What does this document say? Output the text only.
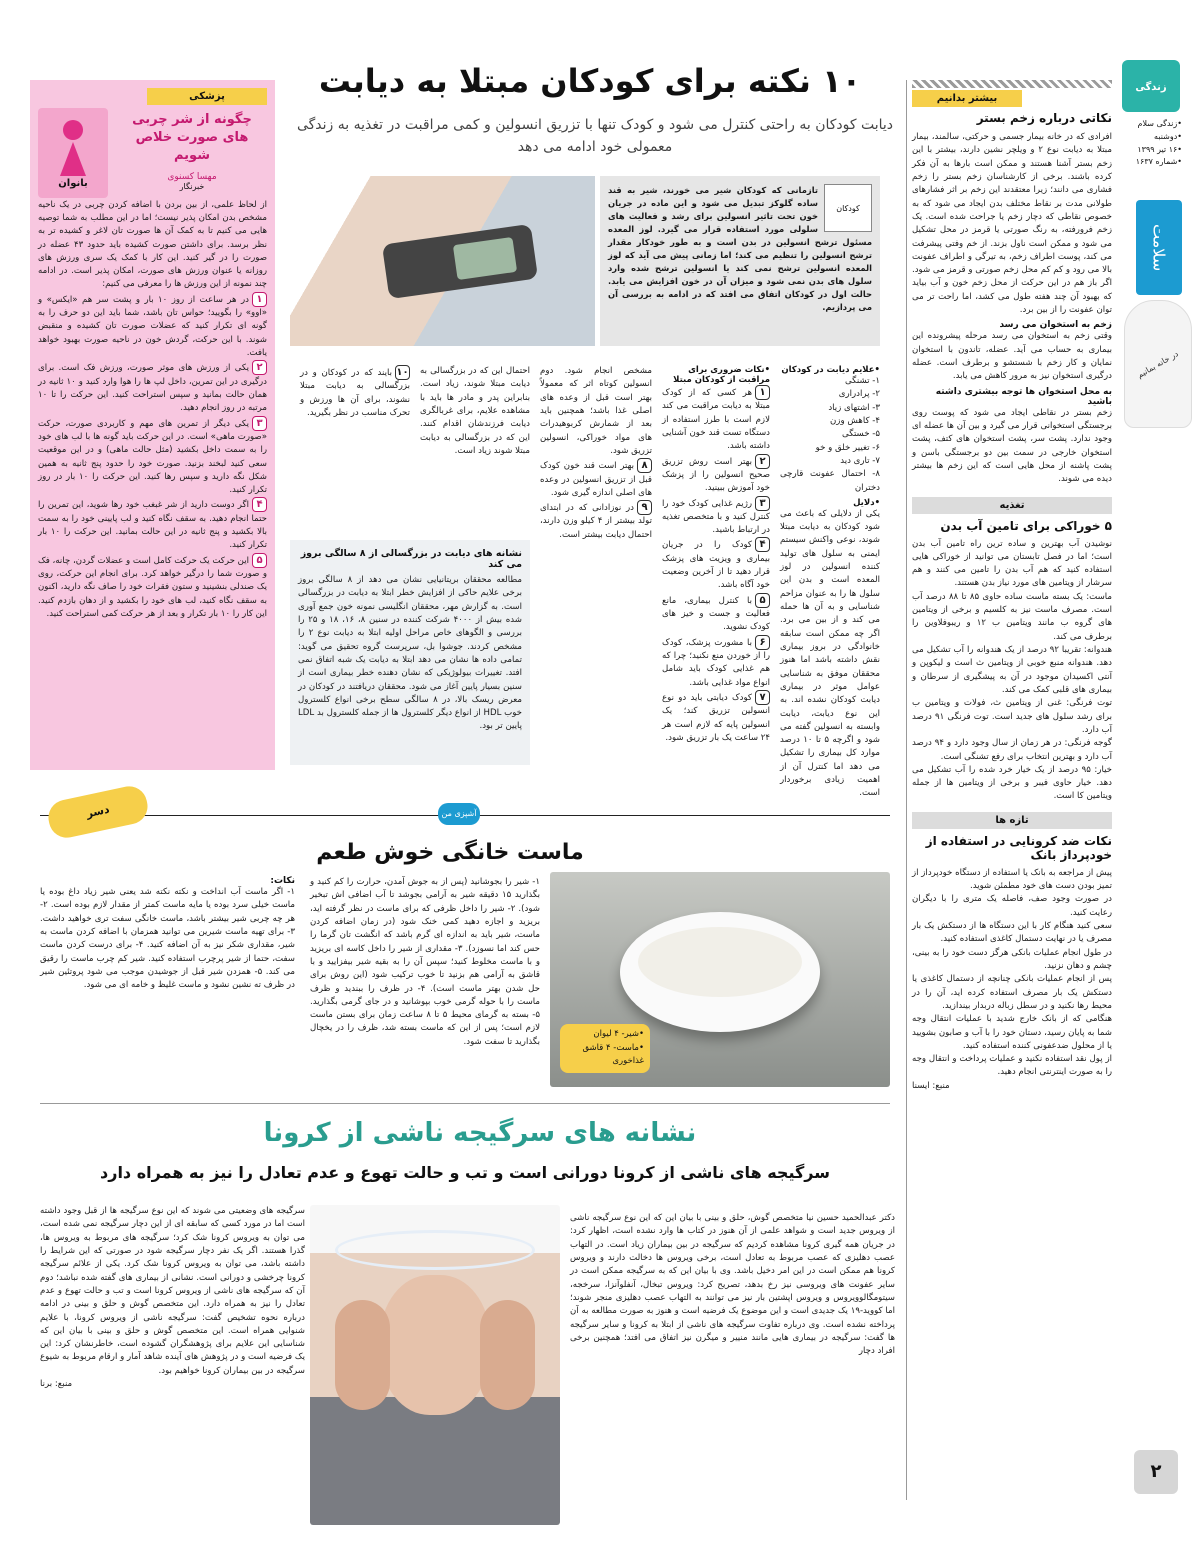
زندگی سلام
•زندگی سلام
•دوشنبه
•۱۶ تیر ۱۳۹۹
•شماره ۱۶۳۷
سلامت
در خانه بمانیم
۲
بیشتر بدانیم
نکاتی درباره زخم بستر
افرادی که در خانه بیمار جسمی و حرکتی، سالمند، بیمار مبتلا به دیابت نوع ۲ و ویلچر نشین دارند، بیشتر با این زخم بستر آشنا هستند و ممکن است بارها به آن فکر کرده باشند. برخی از کارشناسان زخم بستر را زخم فشاری می دانند؛ زیرا معتقدند این زخم بر اثر فشارهای طولانی مدت بر نقاط مختلف بدن ایجاد می شود که به خصوص نقاطی که دچار زخم یا جراحت شده است. یک زخم فرورفته، به رنگ صورتی یا قرمز در محل تشکیل می شود و ممکن است ناول بزند. از خم وفتی پیشرفت می کند، پوست اطراف زخم، به تیرگی و اطراف عفونت بالا می رود و کم کم محل زخم صورتی و قرمز می شود. اگر باز هم در این حرکت از محل زخم خون و آب بیاید که بهبود آن چند هفته طول می کشد، اما راحت تر می توان عفونت را از بین برد.
زخم به استخوان می رسد
وقتی زخم به استخوان می رسد مرحله پیشرونده این بیماری به حساب می آید. عضله، تاندون با استخوان نمایان و کار زخم با شستشو و برطرف است. عضله درگیری استخوان نیز به مرور کاهش می یابد.
به محل استخوان ها توجه بیشتری داشته باشید
زخم بستر در نقاطی ایجاد می شود که پوست روی برجستگی استخوانی قرار می گیرد و بین آن ها عضله ای وجود ندارد. پشت سر، پشت استخوان های کتف، پشت استخوان خارجی در سمت بین دو برجستگی باسن و پشت پاشنه از محل هایی است که این زخم ها بیشتر دیده می شوند.
تغذیه
۵ خوراکی برای تامین آب بدن
نوشیدن آب بهترین و ساده ترین راه تامین آب بدن است؛ اما در فصل تابستان می توانید از خوراکی هایی استفاده کنید که هم آب بدن را تامین می کنند و هم سرشار از ویتامین های مورد نیاز بدن هستند.
ماست: یک بسته ماست ساده حاوی ۸۵ تا ۸۸ درصد آب است. مصرف ماست نیز به کلسیم و برخی از ویتامین های گروه ب مانند ویتامین ب ۱۲ و ریبوفلاوین را برطرف می کند.
هندوانه: تقریبا ۹۲ درصد از یک هندوانه را آب تشکیل می دهد. هندوانه منبع خوبی از ویتامین ث است و لیکوپن و آنتی اکسیدان موجود در آن به پیشگیری از سرطان و بیماری های قلبی کمک می کند.
توت فرنگی: غنی از ویتامین ث، فولات و ویتامین ب برای رشد سلول های جدید است. توت فرنگی ۹۱ درصد آب دارد.
گوجه فرنگی: در هر زمان از سال وجود دارد و ۹۴ درصد آب دارد و بهترین انتخاب برای رفع تشنگی است.
خیار: ۹۵ درصد از یک خیار خرد شده را آب تشکیل می دهد. خیار حاوی فیبر و برخی از ویتامین ها از جمله ویتامین کا است.
تازه ها
نکات ضد کرونایی در استفاده از خودپرداز بانک
پیش از مراجعه به بانک یا استفاده از دستگاه خودپرداز از تمیز بودن دست های خود مطمئن شوید.
در صورت وجود صف، فاصله یک متری را با دیگران رعایت کنید.
سعی کنید هنگام کار با این دستگاه ها از دستکش یک بار مصرف یا در نهایت دستمال کاغذی استفاده کنید.
در طول انجام عملیات بانکی هرگز دست خود را به بینی، چشم و دهان نزنید.
پس از انجام عملیات بانکی چنانچه از دستمال کاغذی یا دستکش یک بار مصرف استفاده کرده اید، آن را در محیط رها نکنید و در سطل زباله دربدار بیندازید.
هنگامی که از بانک خارج شدید با عملیات انتقال وجه شما به پایان رسید، دستان خود را با آب و صابون بشویید یا از محلول ضدعفونی کننده استفاده کنید.
از پول نقد استفاده نکنید و عملیات پرداخت و انتقال وجه را به صورت اینترنتی انجام دهید.
منبع: ایسنا
۱۰ نکته برای کودکان مبتلا به دیابت
دیابت کودکان به راحتی کنترل می شود و کودک تنها با تزریق انسولین و کمی مراقبت در تغذیه به زندگی معمولی خود ادامه می دهد
کودکان
تازمانی که کودکان شیر می خورند، شیر به قند ساده گلوکز تبدیل می شود و این ماده در جریان خون تحت تاثیر انسولین برای رشد و فعالیت های سلولی مورد استفاده قرار می گیرد. لوز المعده مسئول ترشح انسولین در بدن است و به طور خودکار مقدار ترشح انسولین را تنظیم می کند؛ اما زمانی پیش می آید که لوز المعده انسولین ترشح نمی کند یا انسولین ترشح شده وارد سلول های بدن نمی شود و میزان آن در خون افزایش می یابد. حالت اول در کودکان اتفاق می افتد که در ادامه به بررسی آن می پردازیم.
•علایم دیابت در کودکان
۱- تشنگی
۲- پرادراری
۳- اشتهای زیاد
۴- کاهش وزن
۵- خستگی
۶- تغییر خلق و خو
۷- تاری دید
۸- احتمال عفونت قارچی دختران
•دلایل
یکی از دلایلی که باعث می شود کودکان به دیابت مبتلا شوند، نوعی واکنش سیستم ایمنی به سلول های تولید کننده انسولین در لوز المعده است و بدن این سلول ها را به عنوان مزاحم شناسایی و به آن ها حمله می کند و از بین می برد. اگر چه ممکن است سابقه خانوادگی در بروز بیماری نقش داشته باشد اما هنوز محققان موفق به شناسایی عوامل موثر در بیماری دیابت کودکان نشده اند. به این نوع دیابت، دیابت وابسته به انسولین گفته می شود و اگرچه ۵ تا ۱۰ درصد موارد کل بیماری را تشکیل می دهد اما کنترل آن از اهمیت زیادی برخوردار است.
•نکات ضروری برای مراقبت از کودکان مبتلا
۱هر کسی که از کودک مبتلا به دیابت مراقبت می کند لازم است با طرز استفاده از دستگاه تست قند خون آشنایی داشته باشد.
۲بهتر است روش تزریق صحیح انسولین را از پزشک خود آموزش ببینید.
۳رژیم غذایی کودک خود را کنترل کنید و با متخصص تغذیه در ارتباط باشید.
۴کودک را در جریان بیماری و ویزیت های پزشک قرار دهید تا از آخرین وضعیت خود آگاه باشد.
۵با کنترل بیماری، مانع فعالیت و جست و خیز های کودک نشوید.
۶با مشورت پزشک، کودک را از خوردن منع نکنید؛ چرا که هم غذایی کودک باید شامل انواع مواد غذایی باشد.
۷کودک دیابتی باید دو نوع انسولین تزریق کند؛ یک انسولین پایه که لازم است هر ۲۴ ساعت یک بار تزریق شود.
مشخص انجام شود. دوم انسولین کوتاه اثر که معمولاً بهتر است قبل از وعده های اصلی غذا باشد؛ همچنین باید بعد از شمارش کربوهیدرات های مواد خوراکی، انسولین تزریق شود.
۸بهتر است قند خون کودک قبل از تزریق انسولین در وعده های اصلی اندازه گیری شود.
۹در نوزادانی که در ابتدای تولد بیشتر از ۴ کیلو وزن دارند، احتمال دیابت بیشتر است.
احتمال این که در بزرگسالی به دیابت مبتلا شوند، زیاد است. بنابراین پدر و مادر ها باید با مشاهده علایم، برای غربالگری دیابت فرزندشان اقدام کنند. این که در بزرگسالی به دیابت مبتلا شوند زیاد است.
۱۰بایند که در کودکان و در بزرگسالی به دیابت مبتلا نشوند، برای آن ها ورزش و تحرک مناسب در نظر بگیرید.
نشانه های دیابت در بزرگسالی از ۸ سالگی بروز می کند
مطالعه محققان بریتانیایی نشان می دهد از ۸ سالگی بروز برخی علایم حاکی از افزایش خطر ابتلا به دیابت در بزرگسالی است. به گزارش مهر، محققان انگلیسی نمونه خون جمع آوری شده بیش از ۴۰۰۰ شرکت کننده در سنین ۸، ۱۶، ۱۸ و ۲۵ را بررسی و الگوهای خاص مراحل اولیه ابتلا به دیابت نوع ۲ را مشخص کردند. جوشوا بل، سرپرست گروه تحقیق می گوید: تمامی داده ها نشان می دهد ابتلا به دیابت یک شبه اتفاق نمی افتد. تغییرات بیولوژیکی که نشان دهنده خطر بیماری است از سنین بسیار پایین آغاز می شود. محققان دریافتند در کودکان در معرض ریسک بالا، در ۸ سالگی سطح برخی انواع کلسترول خوب HDL از انواع دیگر کلسترول ها از جمله کلسترول بد LDL پایین تر بود.
پزشکی
بانوان
چگونه از شر چربی های صورت خلاص شویم
مهسا کسنوی
خبرنگار
از لحاظ علمی، از بین بردن با اضافه کردن چربی در یک ناحیه مشخص بدن امکان پذیر نیست؛ اما در این مطلب به شما توصیه هایی می کنیم تا به کمک آن ها صورت تان لاغر و کشیده تر به نظر برسد. برای داشتن صورت کشیده باید حدود ۴۳ عضله در صورت را در گیر کنید. این کار با کمک یک سری ورزش های روزانه یا عنوان ورزش های صورت، امکان پذیر است. در ادامه چند نمونه از این ورزش ها را معرفی می کنیم:
۱در هر ساعت از روز ۱۰ بار و پشت سر هم «ایکس» و «اوو» را بگویید؛ حواس تان باشد، شما باید این دو حرف را به گونه ای تکرار کنید که عضلات صورت تان کشیده و منقبض شوند. با این حرکت، گردش خون در ناحیه صورت بهبود خواهد یافت.
۲یکی از ورزش های موثر صورت، ورزش فک است. برای درگیری در این تمرین، داخل لپ ها را هوا وارد کنید و ۱۰ ثانیه در همان حالت بمانید و سپس استراحت کنید. این حرکت را تا ۱۰ مرتبه در روز انجام دهید.
۳یکی دیگر از تمرین های مهم و کاربردی صورت، حرکت «صورت ماهی» است. در این حرکت باید گونه ها با لب های خود را به سمت داخل بکشید (مثل حالت ماهی) و در این موقعیت سعی کنید لبخند بزنید. صورت خود را حدود پنج ثانیه به همین شکل نگه دارید و سپس رها کنید. این حرکت را ۱۰ بار در روز تکرار کنید.
۴اگر دوست دارید از شر غبغب خود رها شوید، این تمرین را حتما انجام دهید. به سقف نگاه کنید و لب پایینی خود را به سمت بالا بکشید و پنج ثانیه در این حالت بمانید. این حرکت را ۱۰ بار تکرار کنید.
۵این حرکت یک حرکت کامل است و عضلات گردن، چانه، فک و صورت شما را درگیر خواهد کرد. برای انجام این حرکت، روی یک صندلی بنشینید و ستون فقرات خود را صاف نگه دارید، اکنون به سقف نگاه کنید، لب های خود را بکشید و از دهان بازدم کنید. این کار را ۱۰ بار تکرار و بعد از هر حرکت کمی استراحت کنید.
دسر	آشپزی من
ماست خانگی خوش طعم
•شیر- ۴ لیوان
•ماست- ۴ قاشق غذاخوری
۱- شیر را بجوشانید (پس از به جوش آمدن، حرارت را کم کنید و بگذارید ۱۵ دقیقه شیر به آرامی بجوشد تا آب اضافی اش تبخیر شود). ۲- شیر را داخل ظرفی که برای ماست در نظر گرفته اید، بریزید و اجازه دهید کمی خنک شود (در زمان اضافه کردن ماست، شیر باید به اندازه ای گرم باشد که انگشت تان گرما را حس کند اما نسوزد). ۳- مقداری از شیر را داخل کاسه ای بریزید و با ماست مخلوط کنید؛ سپس آن را به بقیه شیر بیفزایید و با قاشق به آرامی هم بزنید تا خوب ترکیب شود (این روش برای حل شدن بهتر ماست است). ۴- در ظرف را ببندید و ظرف ماست را با حوله گرمی خوب بپوشانید و در جای گرمی بگذارید. ۵- بسته به گرمای محیط ۵ تا ۸ ساعت زمان برای بستن ماست لازم است؛ پس از این که ماست بسته شد، ظرف را در یخچال بگذارید تا سفت شود.
نکات:
۱- اگر ماست آب انداخت و نکته نکته شد یعنی شیر زیاد داغ بوده یا ماست خیلی سرد بوده یا مایه ماست کمتر از مقدار لازم بوده است. ۲- هر چه چربی شیر بیشتر باشد، ماست خانگی سفت تری خواهید داشت. ۳- برای تهیه ماست شیرین می توانید همزمان با اضافه کردن ماست به شیر، مقداری شکر نیز به آن اضافه کنید. ۴- برای درست کردن ماست سفت، حتما از شیر پرچرب استفاده کنید. شیر کم چرب ماست را رقیق می کند. ۵- همزدن شیر قبل از جوشیدن موجب می شود پروتئین شیر در ظرف ته نشین نشود و ماست غلیظ و خامه ای می شود.
نشانه های سرگیجه ناشی از کرونا
سرگیجه های ناشی از کرونا دورانی است و تب و حالت تهوع و عدم تعادل را نیز به همراه دارد
دکتر عبدالحمید حسین نیا متخصص گوش، حلق و بینی با بیان این که این نوع سرگیجه ناشی از ویروس جدید است و شواهد علمی از آن هنوز در کتاب ها وارد نشده است، اظهار کرد: در جریان همه گیری کرونا مشاهده کردیم که سرگیجه در بین بیماران زیاد است. در التهاب عصب دهلیزی که عصب مربوط به تعادل است، برخی ویروس ها دخالت دارند و ویروس کرونا هم ممکن است در این امر دخیل باشد. وی با بیان این که به سرگیجه ممکن است در سایر عفونت های ویروسی نیز رخ بدهد، تصریح کرد: ویروس تبخال، آنفلوآنزا، سرخجه، سیتومگالوویروس و ویروس اپشتین بار نیز می توانند به التهاب عصب دهلیزی منجر شوند؛ اما کووید-۱۹ یک جدیدی است و این موضوع یک فرضیه است و هنوز به صورت مطالعه به آن پرداخته نشده است. وی درباره تفاوت سرگیجه های ناشی از ابتلا به کرونا و سایر سرگیجه ها گفت: سرگیجه در بیماری هایی مانند منییر و میگرن نیز اتفاق می افتد؛ همچنین برخی افراد دچار
سرگیجه های وضعیتی می شوند که این نوع سرگیجه ها از قبل وجود داشته است اما در مورد کسی که سابقه ای از این دچار سرگیجه نمی شده است، می توان به ویروس کرونا شک کرد؛ سرگیجه های مربوط به ویروس ها، گذرا هستند. اگر یک نفر دچار سرگیجه شود در صورتی که این شرایط را داشته باشد، می توان به ویروس کرونا شک کرد. یکی از علائم سرگیجه کرونا چرخشی و دورانی است. نشانی از بیماری های گفته شده نباشد؛ دوم آن که سرگیجه های ناشی از ویروس کرونا است و تب و حالت تهوع و عدم تعادل را نیز به همراه دارد. این متخصص گوش و حلق و بینی در ادامه درباره نحوه تشخیص گفت: سرگیجه ناشی از ویروس کرونا، با علایم شنوایی همراه است. این متخصص گوش و حلق و بینی با بیان این که شناسایی این علایم برای پژوهشگران گشوده است، خاطرنشان کرد: این یک فرضیه است و در پژوهش های آینده شاهد آمار و ارقام مربوط به شیوع سرگیجه در بین بیماران کرونا خواهیم بود.
منبع: برنا
